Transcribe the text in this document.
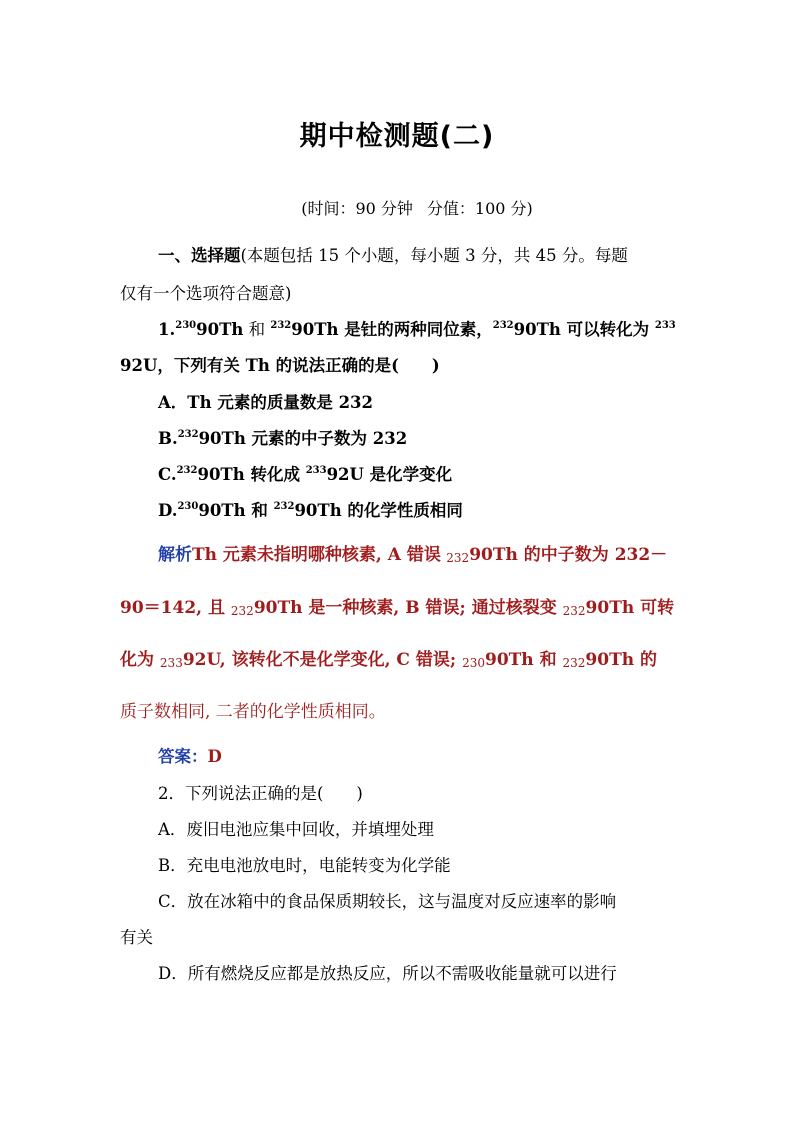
期中检测题(二)
(时间：90 分钟 分值：100 分)
一、选择题(本题包括 15 个小题，每小题 3 分，共 45 分。每题
仅有一个选项符合题意)
1.$^{230}$90Th 和 $^{232}$90Th 是钍的两种同位素，$^{232}$90Th 可以转化为 $^{233}$
92U，下列有关 Th 的说法正确的是(　　)
A．Th 元素的质量数是 232
B.$^{232}$90Th 元素的中子数为 232
C.$^{232}$90Th 转化成 $^{233}$92U 是化学变化
D.$^{230}$90Th 和 $^{232}$90Th 的化学性质相同
解析Th 元素未指明哪种核素, A 错误 23290Th 的中子数为 232－
90＝142, 且 23290Th 是一种核素, B 错误; 通过核裂变 23290Th 可转
化为 23392U, 该转化不是化学变化, C 错误; 23090Th 和 23290Th 的
质子数相同, 二者的化学性质相同。
答案：D
2．下列说法正确的是(　　)
A．废旧电池应集中回收，并填埋处理
B．充电电池放电时，电能转变为化学能
C．放在冰箱中的食品保质期较长，这与温度对反应速率的影响
有关
D．所有燃烧反应都是放热反应，所以不需吸收能量就可以进行
